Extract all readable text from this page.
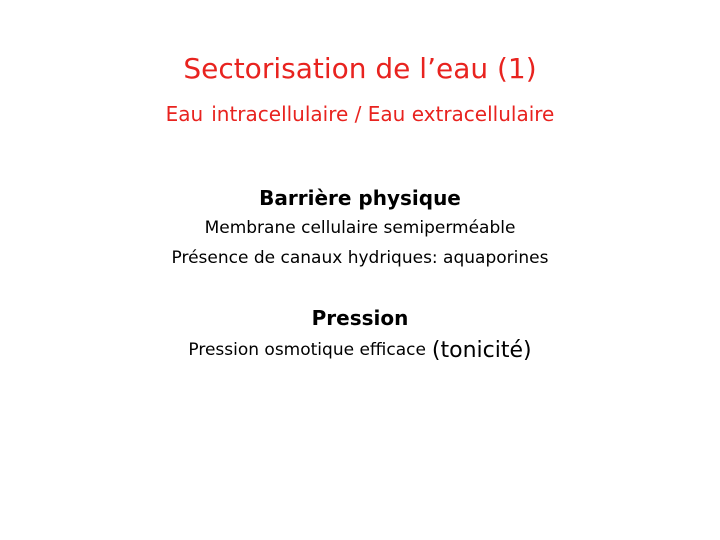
Sectorisation de l’eau (1)
Eau intracellulaire / Eau extracellulaire
Barrière physique
Membrane cellulaire semiperméable
Présence de canaux hydriques: aquaporines
Pression
Pression osmotique efficace (tonicité)
